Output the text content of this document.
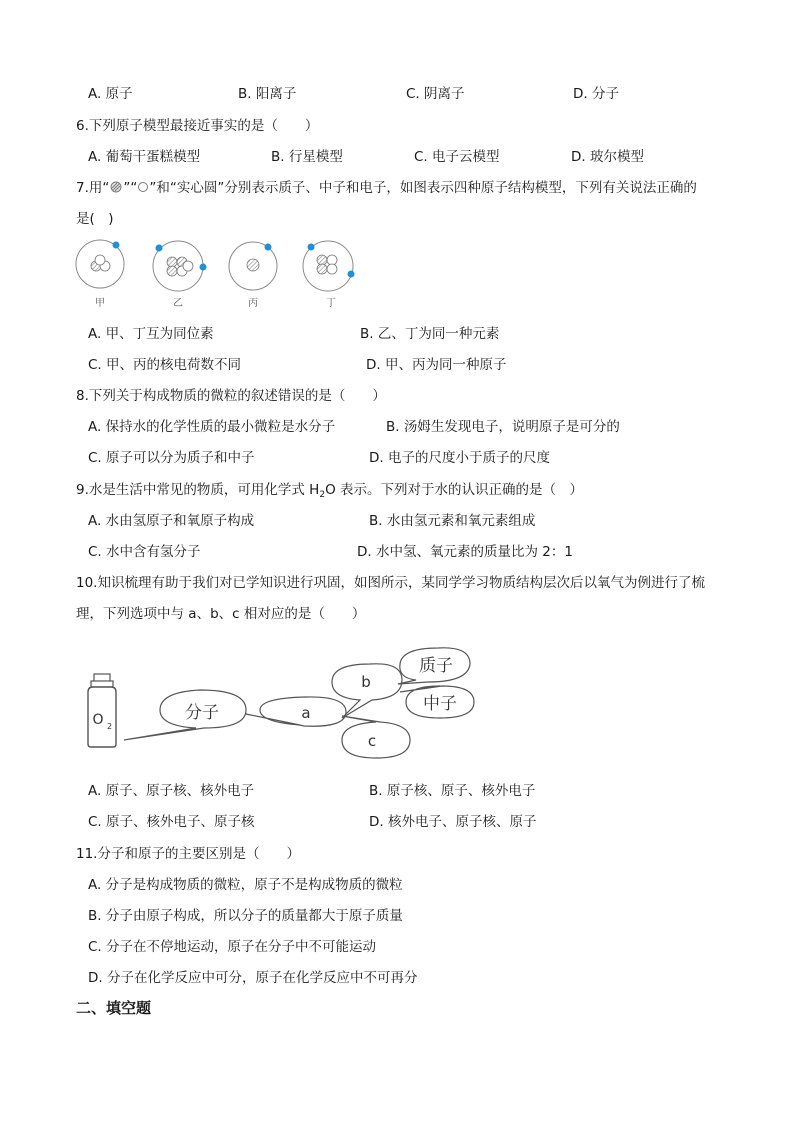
A. 原子	B. 阳离子	C. 阴离子	D. 分子
6.下列原子模型最接近事实的是（　　）
A. 葡萄干蛋糕模型	B. 行星模型	C. 电子云模型	D. 玻尔模型
7.用“ ”“ ”和“实心圆”分别表示质子、中子和电子，如图表示四种原子结构模型，下列有关说法正确的
是(　)
甲	乙	丙	丁
A. 甲、丁互为同位素	B. 乙、丁为同一种元素
C. 甲、丙的核电荷数不同	D. 甲、丙为同一种原子
8.下列关于构成物质的微粒的叙述错误的是（　　）
A. 保持水的化学性质的最小微粒是水分子	B. 汤姆生发现电子，说明原子是可分的
C. 原子可以分为质子和中子	D. 电子的尺度小于质子的尺度
9.水是生活中常见的物质，可用化学式 $H_2O$ 表示。下列对于水的认识正确的是（　）
A. 水由氢原子和氧原子构成	B. 水由氢元素和氧元素组成
C. 水中含有氢分子	D. 水中氢、氧元素的质量比为 2：1
10.知识梳理有助于我们对已学知识进行巩固，如图所示，某同学学习物质结构层次后以氧气为例进行了梳
理，下列选项中与 a、b、c 相对应的是（　　）
O 2
分子	a
b
c
质子
中子
A. 原子、原子核、核外电子	B. 原子核、原子、核外电子
C. 原子、核外电子、原子核	D. 核外电子、原子核、原子
11.分子和原子的主要区别是（　　）
A. 分子是构成物质的微粒，原子不是构成物质的微粒
B. 分子由原子构成，所以分子的质量都大于原子质量
C. 分子在不停地运动，原子在分子中不可能运动
D. 分子在化学反应中可分，原子在化学反应中不可再分
二、填空题
